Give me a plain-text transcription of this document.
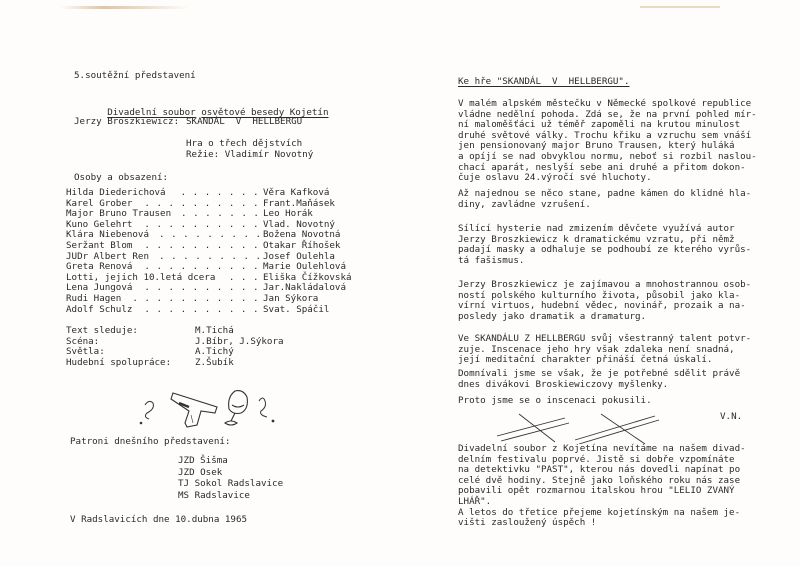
5.soutěžní představení

Divadelní soubor osvětové besedy Kojetín

Jerzy Broszkiewicz: SKANDÁL  V  HELLBERGU
Hra o třech dějstvích
Režie: Vladimír Novotný
Osoby a obsazení:
Hilda Diederichová . . . . . . . Věra Kafková
Karel Grober . . . . . . . . . . Frant.Maňásek
Major Bruno Trausen . . . . . . . Leo Horák
Kuno Gelehrt . . . . . . . . . . Vlad. Novotný
Klára Niebenová . . . . . . . . . Božena Novotná
Seržant Blom . . . . . . . . . . Otakar Říhošek
JUDr Albert Ren . . . . . . . . . Josef Oulehla
Greta Renová . . . . . . . . . . Marie Oulehlová
Lotti, jejich 10.letá dcera . . . Eliška Čížkovská
Lena Jungová . . . . . . . . . . Jar.Nakládalová
Rudi Hagen . . . . . . . . . . . Jan Sýkora
Adolf Schulz . . . . . . . . . . Svat. Spáčil
Text sleduje:	M.Tichá
Scéna:	J.Bíbr, J.Sýkora
Světla:	A.Tichý
Hudební spolupráce:	Z.Šubík
Patroni dnešního představení:
JZD Šišma
JZD Osek
TJ Sokol Radslavice
MS Radslavice
V Radslavicích dne 10.dubna 1965
Ke hře "SKANDÁL  V  HELLBERGU".
V malém alpském městečku v Německé spolkové republice
vládne nedělní pohoda. Zdá se, že na první pohled mír-
ní maloměšťáci už téměř zapoměli na krutou minulost
druhé světové války. Trochu křiku a vzruchu sem vnáší
jen pensionovaný major Bruno Trausen, který huláká
a opíjí se nad obvyklou normu, neboť si rozbil naslou-
chací aparát, neslyší sebe ani druhé a přitom dokon-
čuje oslavu 24.výročí své hluchoty.
Až najednou se něco stane, padne kámen do klidné hla-
diny, zavládne vzrušení.
Sílící hysterie nad zmizením děvčete využívá autor
Jerzy Broszkiewicz k dramatickému vzratu, při němž
padají masky a odhaluje se podhoubí ze kterého vyrůs-
tá fašismus.
Jerzy Broszkiewicz je zajímavou a mnohostrannou osob-
ností polského kulturního života, působil jako kla-
vírní virtuos, hudební vědec, novinář, prozaik a na-
posledy jako dramatik a dramaturg.
Ve SKANDÁLU Z HELLBERGU svůj všestranný talent potvr-
zuje. Inscenace jeho hry však zdaleka není snadná,
její meditační charakter přináší četná úskalí.
Domnívali jsme se však, že je potřebné sdělit právě
dnes divákovi Broskiewiczovy myšlenky.
Proto jsme se o inscenaci pokusili.
V.N.
Divadelní soubor z Kojetína nevítáme na našem divad-
delním festivalu poprvé. Jistě si dobře vzpomínáte
na detektivku "PAST", kterou nás dovedli napínat po
celé dvě hodiny. Stejně jako loňského roku nás zase
pobavili opět rozmarnou italskou hrou "LELIO ZVANÝ
LHÁŘ".
A letos do třetice přejeme kojetínským na našem je-
višti zasloužený úspěch !
